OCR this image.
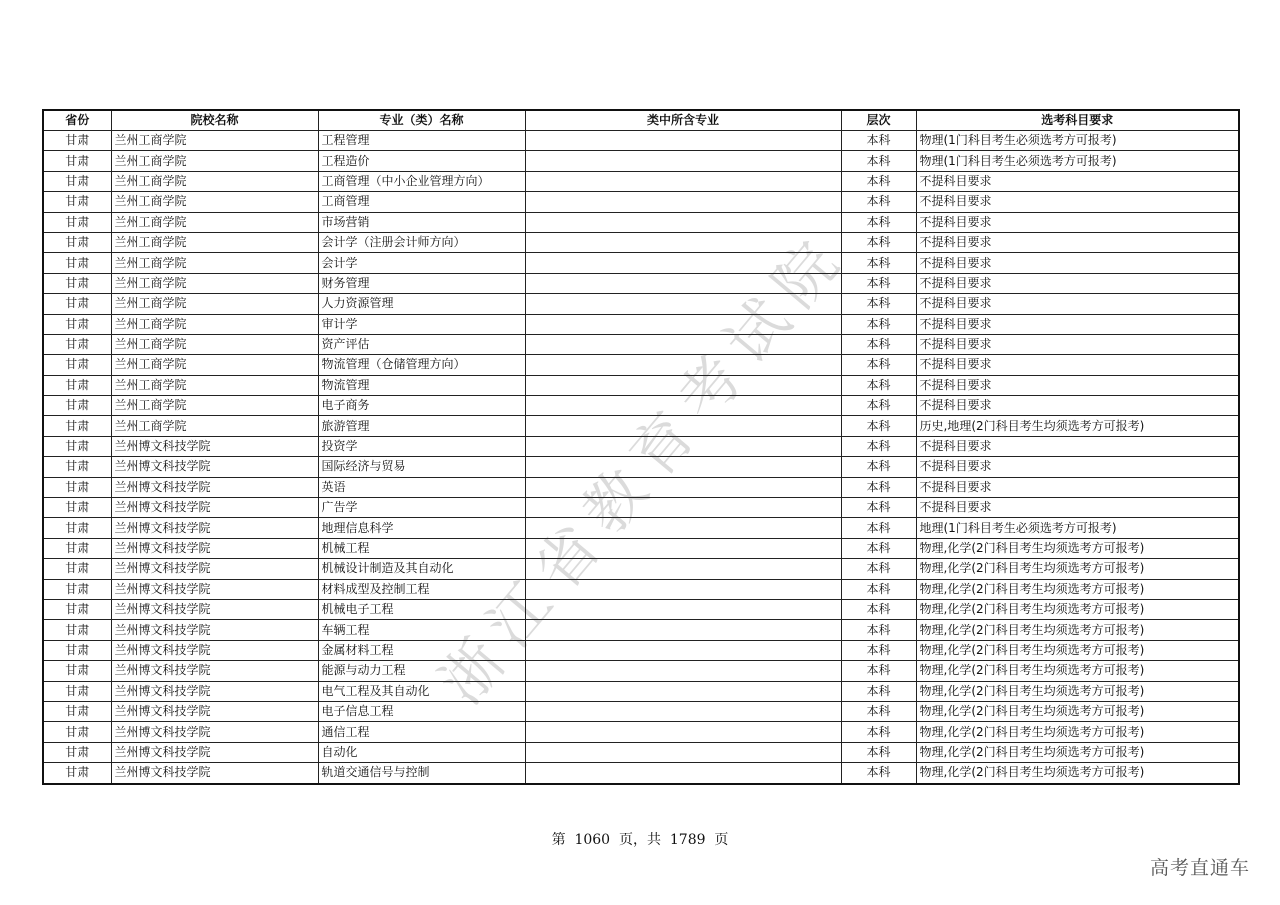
浙江省教育考试院
省份	院校名称	专业（类）名称	类中所含专业	层次	选考科目要求
甘肃	兰州工商学院	工程管理		本科	物理(1门科目考生必须选考方可报考)
甘肃	兰州工商学院	工程造价		本科	物理(1门科目考生必须选考方可报考)
甘肃	兰州工商学院	工商管理（中小企业管理方向）		本科	不提科目要求
甘肃	兰州工商学院	工商管理		本科	不提科目要求
甘肃	兰州工商学院	市场营销		本科	不提科目要求
甘肃	兰州工商学院	会计学（注册会计师方向）		本科	不提科目要求
甘肃	兰州工商学院	会计学		本科	不提科目要求
甘肃	兰州工商学院	财务管理		本科	不提科目要求
甘肃	兰州工商学院	人力资源管理		本科	不提科目要求
甘肃	兰州工商学院	审计学		本科	不提科目要求
甘肃	兰州工商学院	资产评估		本科	不提科目要求
甘肃	兰州工商学院	物流管理（仓储管理方向）		本科	不提科目要求
甘肃	兰州工商学院	物流管理		本科	不提科目要求
甘肃	兰州工商学院	电子商务		本科	不提科目要求
甘肃	兰州工商学院	旅游管理		本科	历史,地理(2门科目考生均须选考方可报考)
甘肃	兰州博文科技学院	投资学		本科	不提科目要求
甘肃	兰州博文科技学院	国际经济与贸易		本科	不提科目要求
甘肃	兰州博文科技学院	英语		本科	不提科目要求
甘肃	兰州博文科技学院	广告学		本科	不提科目要求
甘肃	兰州博文科技学院	地理信息科学		本科	地理(1门科目考生必须选考方可报考)
甘肃	兰州博文科技学院	机械工程		本科	物理,化学(2门科目考生均须选考方可报考)
甘肃	兰州博文科技学院	机械设计制造及其自动化		本科	物理,化学(2门科目考生均须选考方可报考)
甘肃	兰州博文科技学院	材料成型及控制工程		本科	物理,化学(2门科目考生均须选考方可报考)
甘肃	兰州博文科技学院	机械电子工程		本科	物理,化学(2门科目考生均须选考方可报考)
甘肃	兰州博文科技学院	车辆工程		本科	物理,化学(2门科目考生均须选考方可报考)
甘肃	兰州博文科技学院	金属材料工程		本科	物理,化学(2门科目考生均须选考方可报考)
甘肃	兰州博文科技学院	能源与动力工程		本科	物理,化学(2门科目考生均须选考方可报考)
甘肃	兰州博文科技学院	电气工程及其自动化		本科	物理,化学(2门科目考生均须选考方可报考)
甘肃	兰州博文科技学院	电子信息工程		本科	物理,化学(2门科目考生均须选考方可报考)
甘肃	兰州博文科技学院	通信工程		本科	物理,化学(2门科目考生均须选考方可报考)
甘肃	兰州博文科技学院	自动化		本科	物理,化学(2门科目考生均须选考方可报考)
甘肃	兰州博文科技学院	轨道交通信号与控制		本科	物理,化学(2门科目考生均须选考方可报考)
第  1060  页，共  1789  页
高考直通车
